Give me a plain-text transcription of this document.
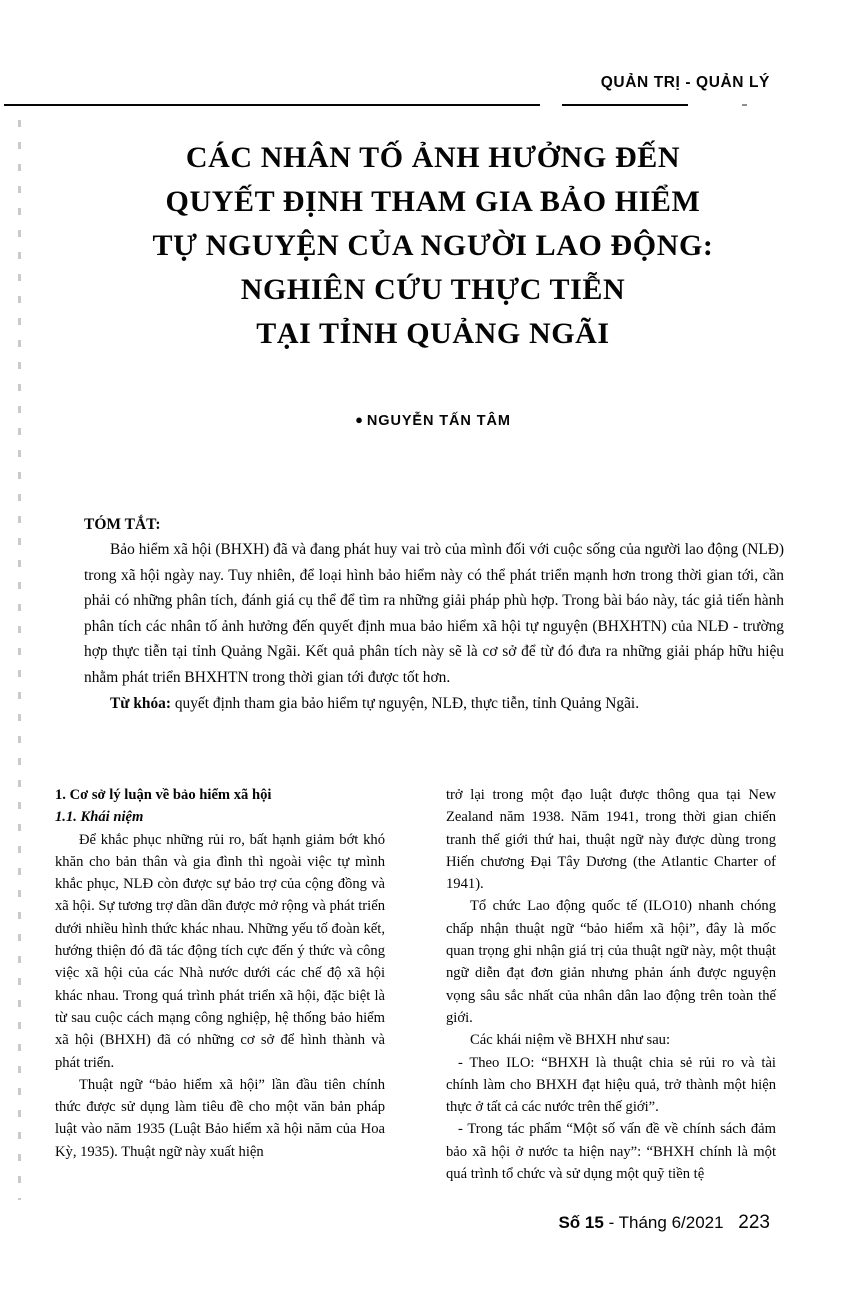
QUẢN TRỊ - QUẢN LÝ
CÁC NHÂN TỐ ẢNH HƯỞNG ĐẾN
QUYẾT ĐỊNH THAM GIA BẢO HIỂM
TỰ NGUYỆN CỦA NGƯỜI LAO ĐỘNG:
NGHIÊN CỨU THỰC TIỄN
TẠI TỈNH QUẢNG NGÃI
● NGUYỄN TẤN TÂM
TÓM TẮT:

Bảo hiểm xã hội (BHXH) đã và đang phát huy vai trò của mình đối với cuộc sống của người lao động (NLĐ) trong xã hội ngày nay. Tuy nhiên, để loại hình bảo hiểm này có thể phát triển mạnh hơn trong thời gian tới, cần phải có những phân tích, đánh giá cụ thể để tìm ra những giải pháp phù hợp. Trong bài báo này, tác giả tiến hành phân tích các nhân tố ảnh hưởng đến quyết định mua bảo hiểm xã hội tự nguyện (BHXHTN) của NLĐ - trường hợp thực tiễn tại tỉnh Quảng Ngãi. Kết quả phân tích này sẽ là cơ sở để từ đó đưa ra những giải pháp hữu hiệu nhằm phát triển BHXHTN trong thời gian tới được tốt hơn.

Từ khóa: quyết định tham gia bảo hiểm tự nguyện, NLĐ, thực tiễn, tỉnh Quảng Ngãi.

1. Cơ sở lý luận về bảo hiểm xã hội
1.1. Khái niệm

Để khắc phục những rủi ro, bất hạnh giảm bớt khó khăn cho bản thân và gia đình thì ngoài việc tự mình khắc phục, NLĐ còn được sự bảo trợ của cộng đồng và xã hội. Sự tương trợ dần dần được mở rộng và phát triển dưới nhiều hình thức khác nhau. Những yếu tố đoàn kết, hướng thiện đó đã tác động tích cực đến ý thức và công việc xã hội của các Nhà nước dưới các chế độ xã hội khác nhau. Trong quá trình phát triển xã hội, đặc biệt là từ sau cuộc cách mạng công nghiệp, hệ thống bảo hiểm xã hội (BHXH) đã có những cơ sở để hình thành và phát triển.

Thuật ngữ “bảo hiểm xã hội” lần đầu tiên chính thức được sử dụng làm tiêu đề cho một văn bản pháp luật vào năm 1935 (Luật Bảo hiểm xã hội năm của Hoa Kỳ, 1935). Thuật ngữ này xuất hiện

trở lại trong một đạo luật được thông qua tại New Zealand năm 1938. Năm 1941, trong thời gian chiến tranh thế giới thứ hai, thuật ngữ này được dùng trong Hiến chương Đại Tây Dương (the Atlantic Charter of 1941).

Tổ chức Lao động quốc tế (ILO10) nhanh chóng chấp nhận thuật ngữ “bảo hiểm xã hội”, đây là mốc quan trọng ghi nhận giá trị của thuật ngữ này, một thuật ngữ diễn đạt đơn giản nhưng phản ánh được nguyện vọng sâu sắc nhất của nhân dân lao động trên toàn thế giới.

Các khái niệm về BHXH như sau:

- Theo ILO: “BHXH là thuật chia sẻ rủi ro và tài chính làm cho BHXH đạt hiệu quả, trở thành một hiện thực ở tất cả các nước trên thế giới”.

- Trong tác phẩm “Một số vấn đề về chính sách đảm bảo xã hội ở nước ta hiện nay”: “BHXH chính là một quá trình tổ chức và sử dụng một quỹ tiền tệ

Số 15 - Tháng 6/2021 223
